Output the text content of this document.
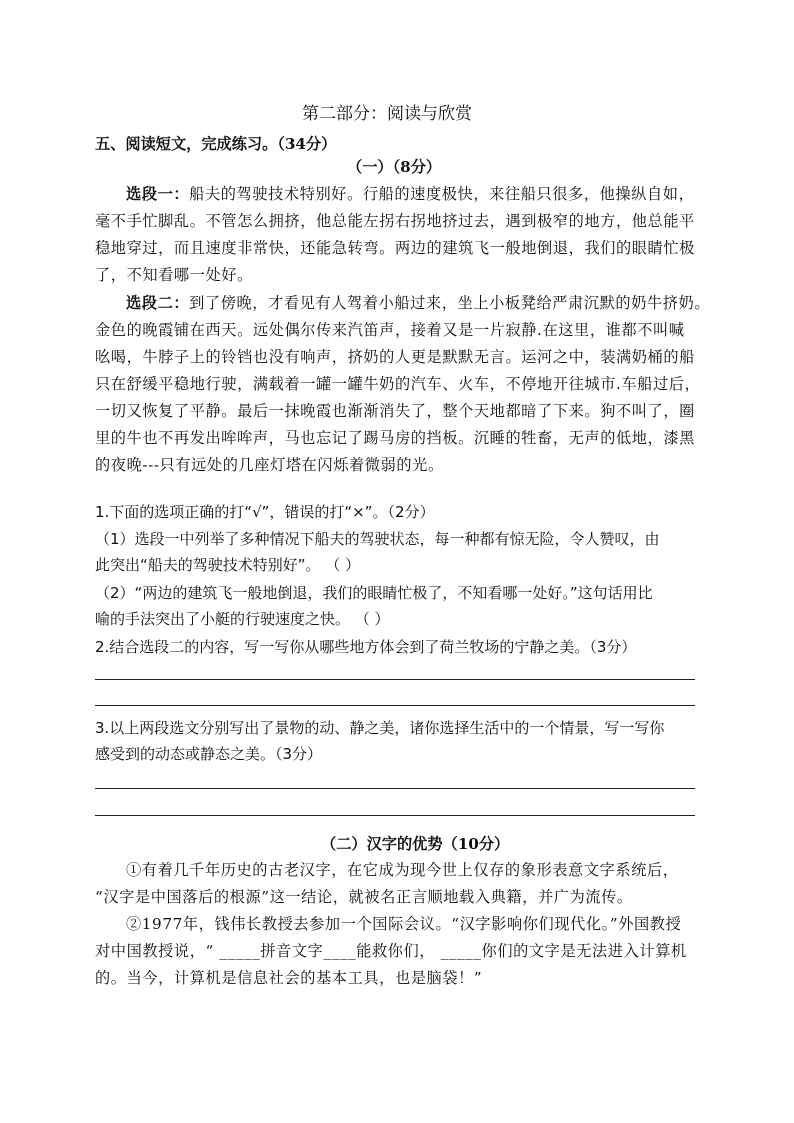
第二部分：阅读与欣赏
五、阅读短文，完成练习。（34分）
（一）（8分）
选段一：船夫的驾驶技术特别好。行船的速度极快，来往船只很多，他操纵自如，
毫不手忙脚乱。不管怎么拥挤，他总能左拐右拐地挤过去，遇到极窄的地方，他总能平
稳地穿过，而且速度非常快，还能急转弯。两边的建筑飞一般地倒退，我们的眼睛忙极
了，不知看哪一处好。
选段二：到了傍晚，才看见有人驾着小船过来，坐上小板凳给严肃沉默的奶牛挤奶。
金色的晚霞铺在西天。远处偶尔传来汽笛声，接着又是一片寂静.在这里，谁都不叫喊
吆喝，牛脖子上的铃铛也没有响声，挤奶的人更是默默无言。运河之中，装满奶桶的船
只在舒缓平稳地行驶，满载着一罐一罐牛奶的汽车、火车，不停地开往城市.车船过后，
一切又恢复了平静。最后一抹晚霞也渐渐消失了，整个天地都暗了下来。狗不叫了，圈
里的牛也不再发出哞哞声，马也忘记了踢马房的挡板。沉睡的牲畜，无声的低地，漆黑
的夜晚---只有远处的几座灯塔在闪烁着微弱的光。
1.下面的选项正确的打“√”，错误的打“×”。（2分）
（1）选段一中列举了多种情况下船夫的驾驶状态，每一种都有惊无险，令人赞叹，由
此突出“船夫的驾驶技术特别好”。 （ ）
（2）“两边的建筑飞一般地倒退，我们的眼睛忙极了，不知看哪一处好。”这句话用比
喻的手法突出了小艇的行驶速度之快。 （ ）
2.结合选段二的内容，写一写你从哪些地方体会到了荷兰牧场的宁静之美。（3分）
3.以上两段选文分别写出了景物的动、静之美，诸你选择生活中的一个情景，写一写你
感受到的动态或静态之美。（3分）
（二）汉字的优势（10分）
①有着几千年历史的古老汉字，在它成为现今世上仅存的象形表意文字系统后，
“汉字是中国落后的根源”这一结论，就被名正言顺地载入典籍，并广为流传。
②1977年，钱伟长教授去参加一个国际会议。“汉字影响你们现代化。”外国教授
对中国教授说，“ _____拼音文字____能救你们， _____你们的文字是无法进入计算机
的。当今，计算机是信息社会的基本工具，也是脑袋！”
